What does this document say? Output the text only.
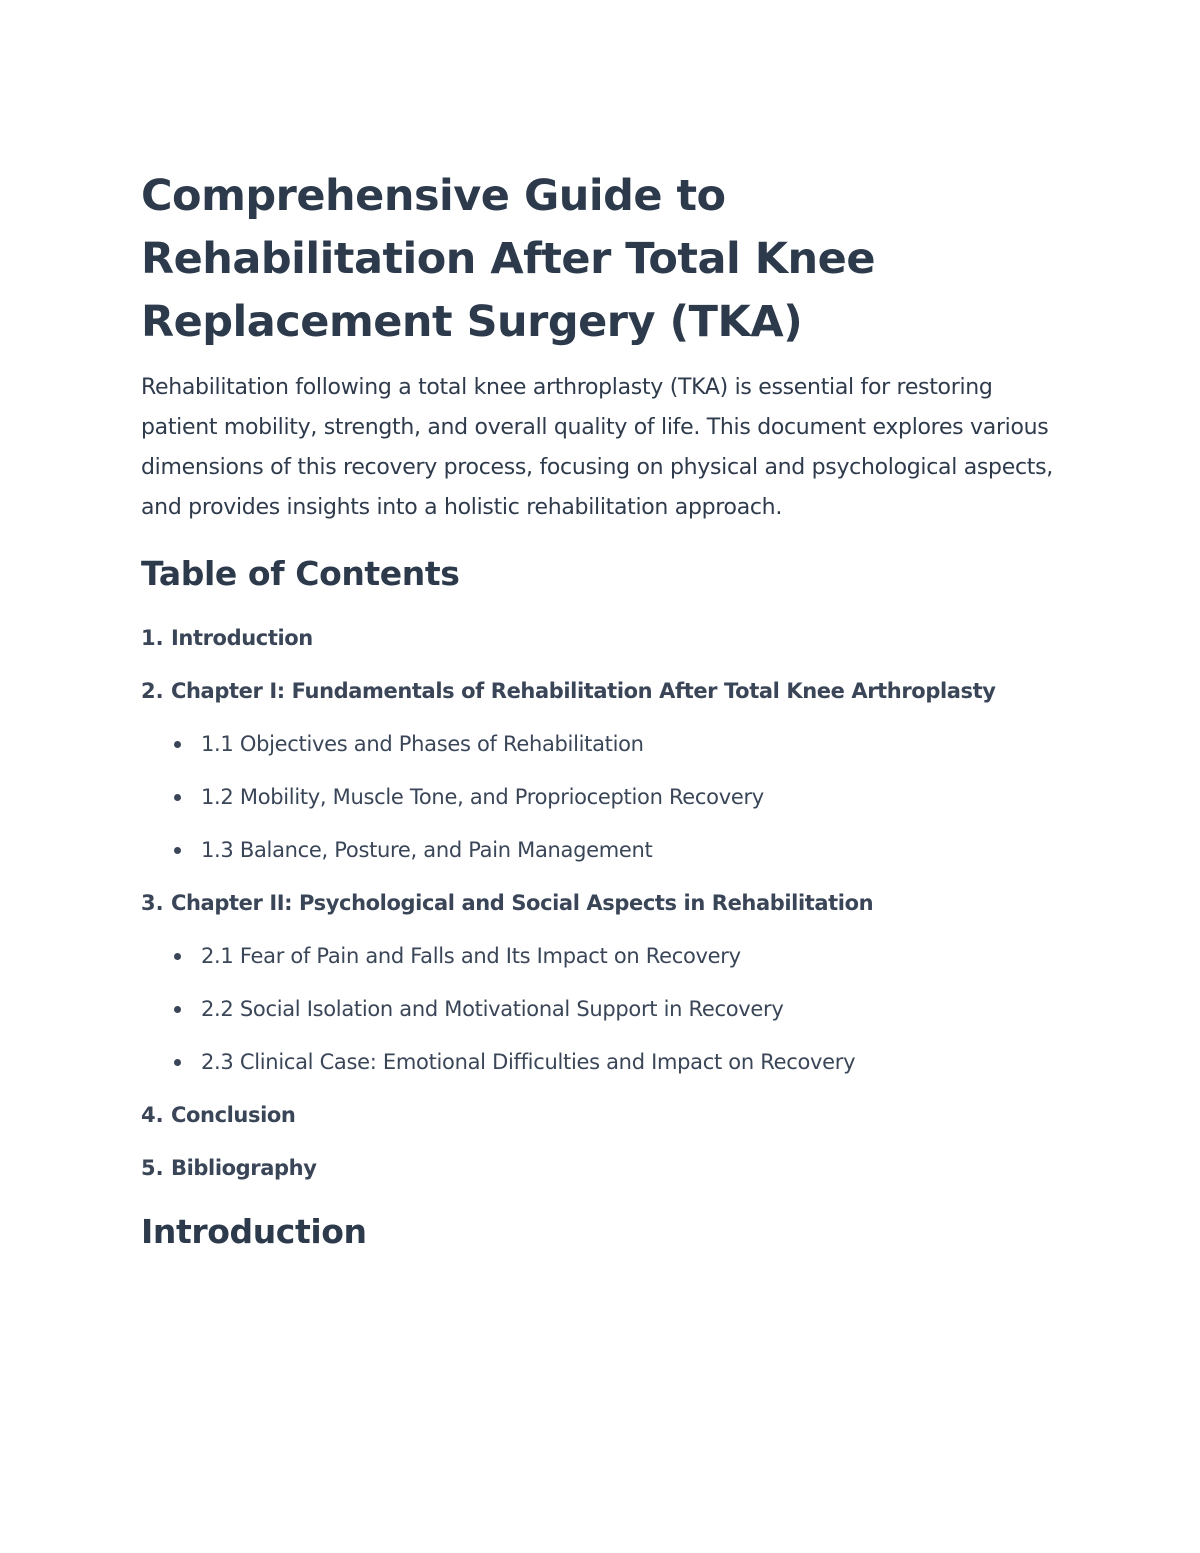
Comprehensive Guide to Rehabilitation After Total Knee Replacement Surgery (TKA)

Rehabilitation following a total knee arthroplasty (TKA) is essential for restoring patient mobility, strength, and overall quality of life. This document explores various dimensions of this recovery process, focusing on physical and psychological aspects, and provides insights into a holistic rehabilitation approach.

Table of Contents
1. Introduction
2. Chapter I: Fundamentals of Rehabilitation After Total Knee Arthroplasty
1.1 Objectives and Phases of Rehabilitation
1.2 Mobility, Muscle Tone, and Proprioception Recovery
1.3 Balance, Posture, and Pain Management
3. Chapter II: Psychological and Social Aspects in Rehabilitation
2.1 Fear of Pain and Falls and Its Impact on Recovery
2.2 Social Isolation and Motivational Support in Recovery
2.3 Clinical Case: Emotional Difficulties and Impact on Recovery
4. Conclusion
5. Bibliography
Introduction
